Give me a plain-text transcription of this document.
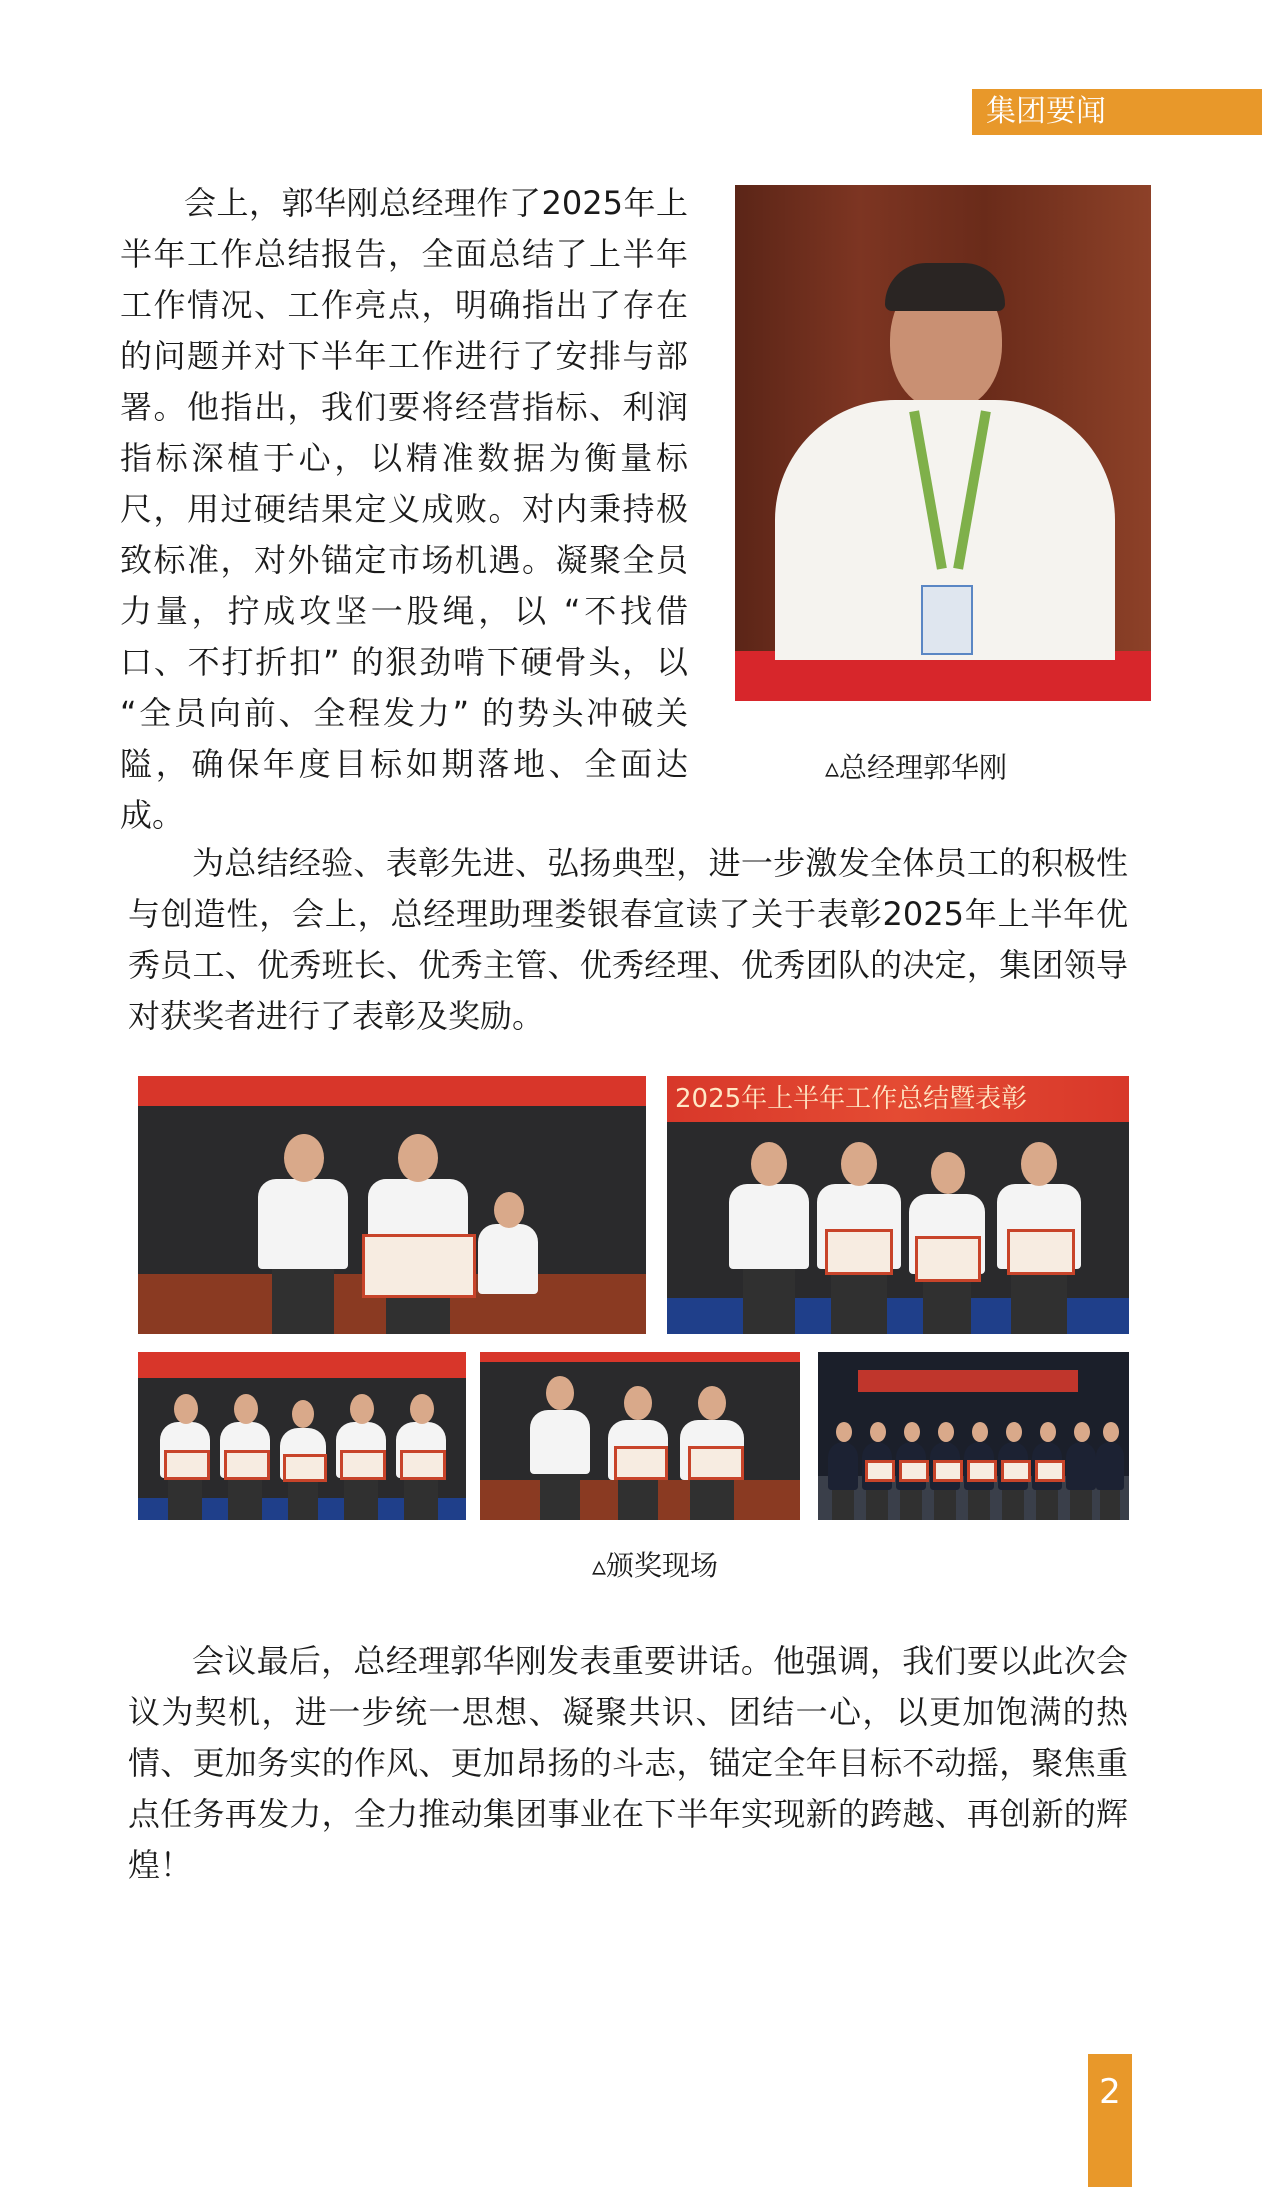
集团要闻

会上，郭华刚总经理作了2025年上半年工作总结报告，全面总结了上半年工作情况、工作亮点，明确指出了存在的问题并对下半年工作进行了安排与部署。他指出，我们要将经营指标、利润指标深植于心，以精准数据为衡量标尺，用过硬结果定义成败。对内秉持极致标准，对外锚定市场机遇。凝聚全员力量，拧成攻坚一股绳，以 “不找借口、不打折扣” 的狠劲啃下硬骨头，以 “全员向前、全程发力” 的势头冲破关隘，确保年度目标如期落地、全面达成。

▵总经理郭华刚

为总结经验、表彰先进、弘扬典型，进一步激发全体员工的积极性与创造性，会上，总经理助理娄银春宣读了关于表彰2025年上半年优秀员工、优秀班长、优秀主管、优秀经理、优秀团队的决定，集团领导对获奖者进行了表彰及奖励。

2025年上半年工作总结暨表彰
▵颁奖现场

会议最后，总经理郭华刚发表重要讲话。他强调，我们要以此次会议为契机，进一步统一思想、凝聚共识、团结一心，以更加饱满的热情、更加务实的作风、更加昂扬的斗志，锚定全年目标不动摇，聚焦重点任务再发力，全力推动集团事业在下半年实现新的跨越、再创新的辉煌！

2
